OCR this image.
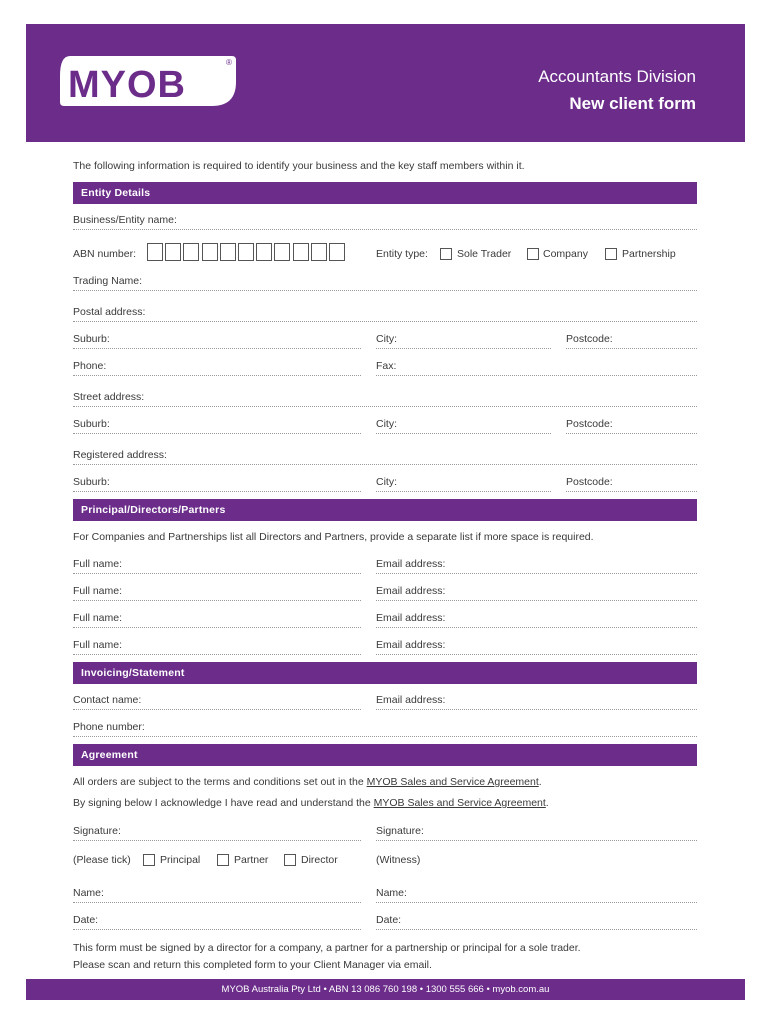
MYOB
®
Accountants Division
New client form
The following information is required to identify your business and the key staff members within it.
Entity Details
Business/Entity name:
ABN number:	Entity type:	Sole Trader	Company	Partnership
Trading Name:
Postal address:
Suburb:	City:	Postcode:
Phone:	Fax:
Street address:
Suburb:	City:	Postcode:
Registered address:
Suburb:	City:	Postcode:
Principal/Directors/Partners
For Companies and Partnerships list all Directors and Partners, provide a separate list if more space is required.
Full name:	Email address:
Full name:	Email address:
Full name:	Email address:
Full name:	Email address:
Invoicing/Statement
Contact name:	Email address:
Phone number:
Agreement
All orders are subject to the terms and conditions set out in the MYOB Sales and Service Agreement.
By signing below I acknowledge I have read and understand the MYOB Sales and Service Agreement.
Signature:	Signature:
(Please tick)	Principal	Partner	Director	(Witness)
Name:	Name:
Date:	Date:
This form must be signed by a director for a company, a partner for a partnership or principal for a sole trader.
Please scan and return this completed form to your Client Manager via email.
MYOB Australia Pty Ltd • ABN 13 086 760 198 • 1300 555 666 • myob.com.au
